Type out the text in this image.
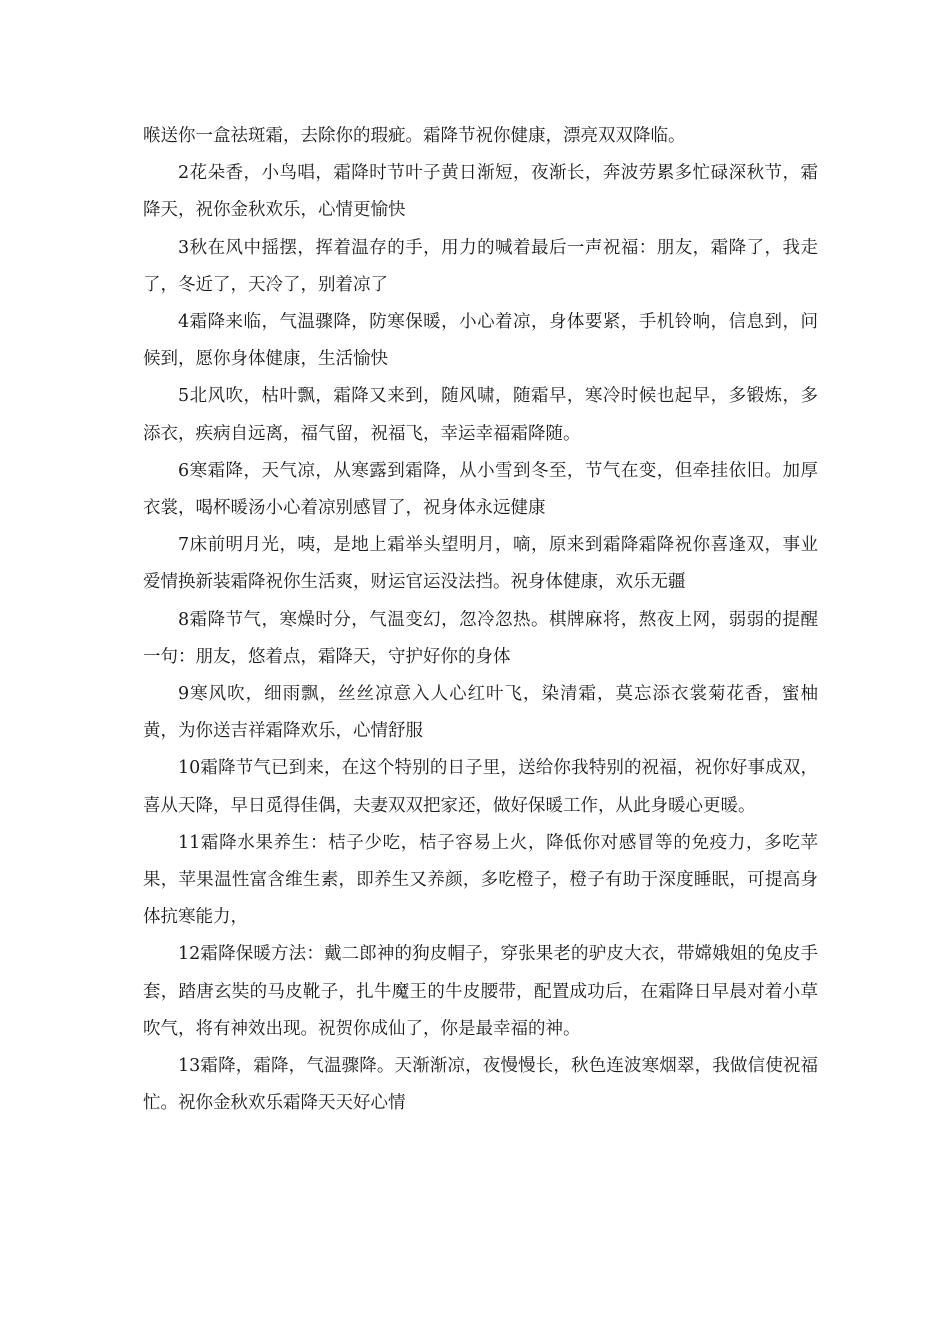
喉送你一盒祛斑霜，去除你的瑕疵。霜降节祝你健康，漂亮双双降临。

2花朵香，小鸟唱，霜降时节叶子黄日渐短，夜渐长，奔波劳累多忙碌深秋节，霜降天，祝你金秋欢乐，心情更愉快

3秋在风中摇摆，挥着温存的手，用力的喊着最后一声祝福：朋友，霜降了，我走了，冬近了，天冷了，别着凉了

4霜降来临，气温骤降，防寒保暖，小心着凉，身体要紧，手机铃响，信息到，问候到，愿你身体健康，生活愉快

5北风吹，枯叶飘，霜降又来到，随风啸，随霜早，寒冷时候也起早，多锻炼，多添衣，疾病自远离，福气留，祝福飞，幸运幸福霜降随。

6寒霜降，天气凉，从寒露到霜降，从小雪到冬至，节气在变，但牵挂依旧。加厚衣裳，喝杯暖汤小心着凉别感冒了，祝身体永远健康

7床前明月光，咦，是地上霜举头望明月，嘀，原来到霜降霜降祝你喜逢双，事业爱情换新装霜降祝你生活爽，财运官运没法挡。祝身体健康，欢乐无疆

8霜降节气，寒燥时分，气温变幻，忽冷忽热。棋牌麻将，熬夜上网，弱弱的提醒一句：朋友，悠着点，霜降天，守护好你的身体

9寒风吹，细雨飘，丝丝凉意入人心红叶飞，染清霜，莫忘添衣裳菊花香，蜜柚黄，为你送吉祥霜降欢乐，心情舒服

10霜降节气已到来，在这个特别的日子里，送给你我特别的祝福，祝你好事成双，喜从天降，早日觅得佳偶，夫妻双双把家还，做好保暖工作，从此身暖心更暖。

11霜降水果养生：桔子少吃，桔子容易上火，降低你对感冒等的免疫力，多吃苹果，苹果温性富含维生素，即养生又养颜，多吃橙子，橙子有助于深度睡眠，可提高身体抗寒能力，

12霜降保暖方法：戴二郎神的狗皮帽子，穿张果老的驴皮大衣，带嫦娥姐的兔皮手套，踏唐玄奘的马皮靴子，扎牛魔王的牛皮腰带，配置成功后，在霜降日早晨对着小草吹气，将有神效出现。祝贺你成仙了，你是最幸福的神。

13霜降，霜降，气温骤降。天渐渐凉，夜慢慢长，秋色连波寒烟翠，我做信使祝福忙。祝你金秋欢乐霜降天天好心情
